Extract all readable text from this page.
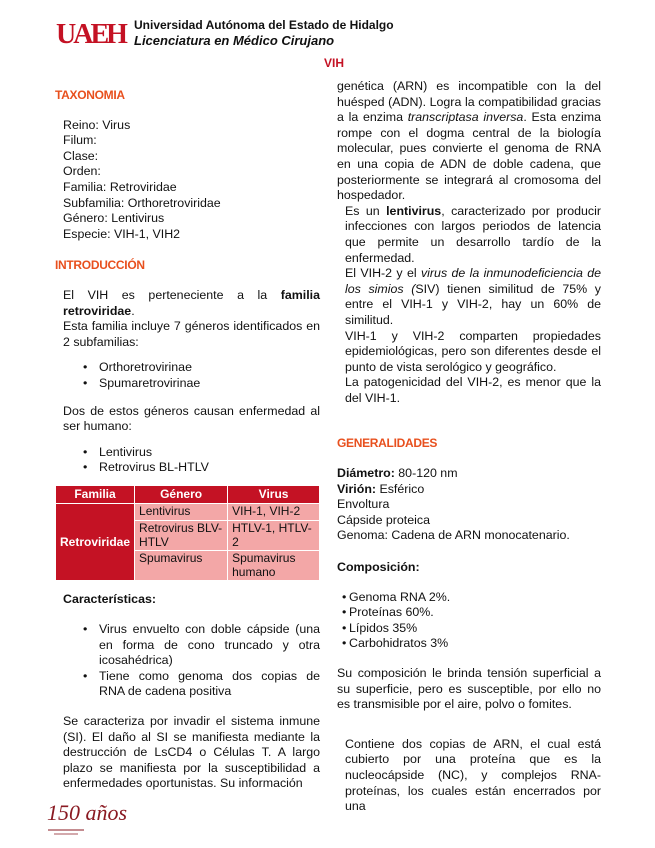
UAEH Universidad Autónoma del Estado de Hidalgo
Licenciatura en Médico Cirujano
VIH

TAXONOMIA

Reino: Virus
Filum:
Clase:
Orden:
Familia: Retroviridae
Subfamilia: Orthoretroviridae
Género: Lentivirus
Especie: VIH-1, VIH2

INTRODUCCIÓN

El VIH es perteneciente a la familia retroviridae.

Esta familia incluye 7 géneros identificados en 2 subfamilias:

• Orthoretrovirinae
• Spumaretrovirinae

Dos de estos géneros causan enfermedad al ser humano:

• Lentivirus
• Retrovirus BL-HTLV
Familia	Género	Virus
Retroviridae	Lentivirus	VIH-1, VIH-2
	Retrovirus BLV-HTLV	HTLV-1, HTLV-2
	Spumavirus	Spumavirus humano

Características:

• Virus envuelto con doble cápside (una en forma de cono truncado y otra icosahédrica)
• Tiene como genoma dos copias de RNA de cadena positiva

Se caracteriza por invadir el sistema inmune (SI). El daño al SI se manifiesta mediante la destrucción de LsCD4 o Células T. A largo plazo se manifiesta por la susceptibilidad a enfermedades oportunistas. Su información

150 años

genética (ARN) es incompatible con la del huésped (ADN). Logra la compatibilidad gracias a la enzima transcriptasa inversa. Esta enzima rompe con el dogma central de la biología molecular, pues convierte el genoma de RNA en una copia de ADN de doble cadena, que posteriormente se integrará al cromosoma del hospedador.

Es un lentivirus, caracterizado por producir infecciones con largos periodos de latencia que permite un desarrollo tardío de la enfermedad.

El VIH-2 y el virus de la inmunodeficiencia de los simios (SIV) tienen similitud de 75% y entre el VIH-1 y VIH-2, hay un 60% de similitud.

VIH-1 y VIH-2 comparten propiedades epidemiológicas, pero son diferentes desde el punto de vista serológico y geográfico.

La patogenicidad del VIH-2, es menor que la del VIH-1.

GENERALIDADES

Diámetro: 80-120 nm
Virión: Esférico
Envoltura
Cápside proteica
Genoma: Cadena de ARN monocatenario.

Composición:

• Genoma RNA 2%.
• Proteínas 60%.
• Lípidos 35%
• Carbohidratos 3%

Su composición le brinda tensión superficial a su superficie, pero es susceptible, por ello no es transmisible por el aire, polvo o fomites.

Contiene dos copias de ARN, el cual está cubierto por una proteína que es la nucleocápside (NC), y complejos RNA-proteínas, los cuales están encerrados por una
